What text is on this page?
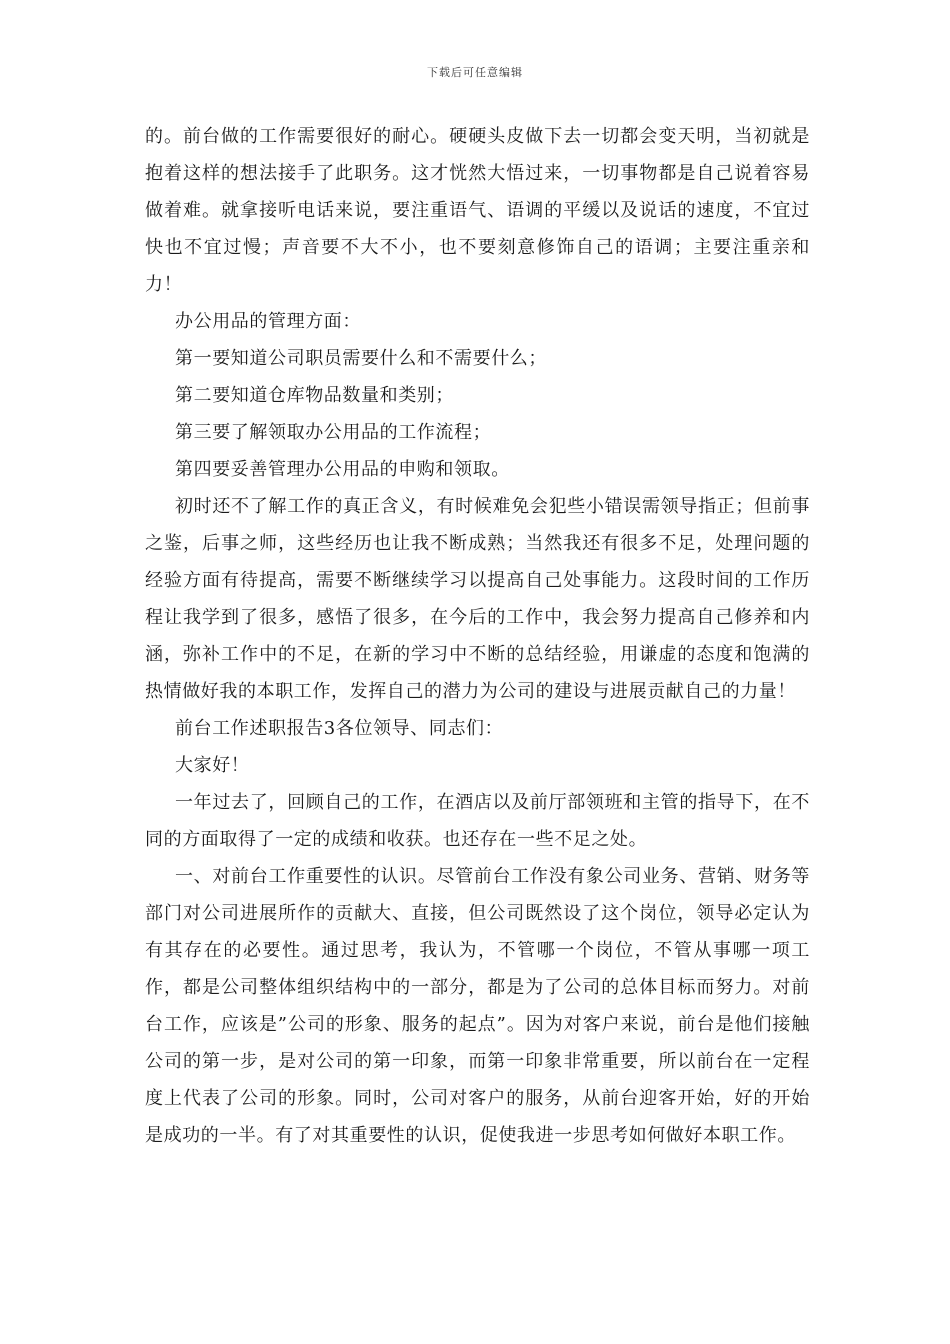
下载后可任意编辑

的。前台做的工作需要很好的耐心。硬硬头皮做下去一切都会变天明，当初就是抱着这样的想法接手了此职务。这才恍然大悟过来，一切事物都是自己说着容易做着难。就拿接听电话来说，要注重语气、语调的平缓以及说话的速度，不宜过快也不宜过慢；声音要不大不小，也不要刻意修饰自己的语调；主要注重亲和力！

办公用品的管理方面：

第一要知道公司职员需要什么和不需要什么；

第二要知道仓库物品数量和类别；

第三要了解领取办公用品的工作流程；

第四要妥善管理办公用品的申购和领取。

初时还不了解工作的真正含义，有时候难免会犯些小错误需领导指正；但前事之鉴，后事之师，这些经历也让我不断成熟；当然我还有很多不足，处理问题的经验方面有待提高，需要不断继续学习以提高自己处事能力。这段时间的工作历程让我学到了很多，感悟了很多，在今后的工作中，我会努力提高自己修养和内涵，弥补工作中的不足，在新的学习中不断的总结经验，用谦虚的态度和饱满的热情做好我的本职工作，发挥自己的潜力为公司的建设与进展贡献自己的力量！

前台工作述职报告3各位领导、同志们：

大家好！

一年过去了，回顾自己的工作，在酒店以及前厅部领班和主管的指导下，在不同的方面取得了一定的成绩和收获。也还存在一些不足之处。

一、对前台工作重要性的认识。尽管前台工作没有象公司业务、营销、财务等部门对公司进展所作的贡献大、直接，但公司既然设了这个岗位，领导必定认为有其存在的必要性。通过思考，我认为，不管哪一个岗位，不管从事哪一项工作，都是公司整体组织结构中的一部分，都是为了公司的总体目标而努力。对前台工作，应该是”公司的形象、服务的起点”。因为对客户来说，前台是他们接触公司的第一步，是对公司的第一印象，而第一印象非常重要，所以前台在一定程度上代表了公司的形象。同时，公司对客户的服务，从前台迎客开始，好的开始是成功的一半。有了对其重要性的认识，促使我进一步思考如何做好本职工作。
